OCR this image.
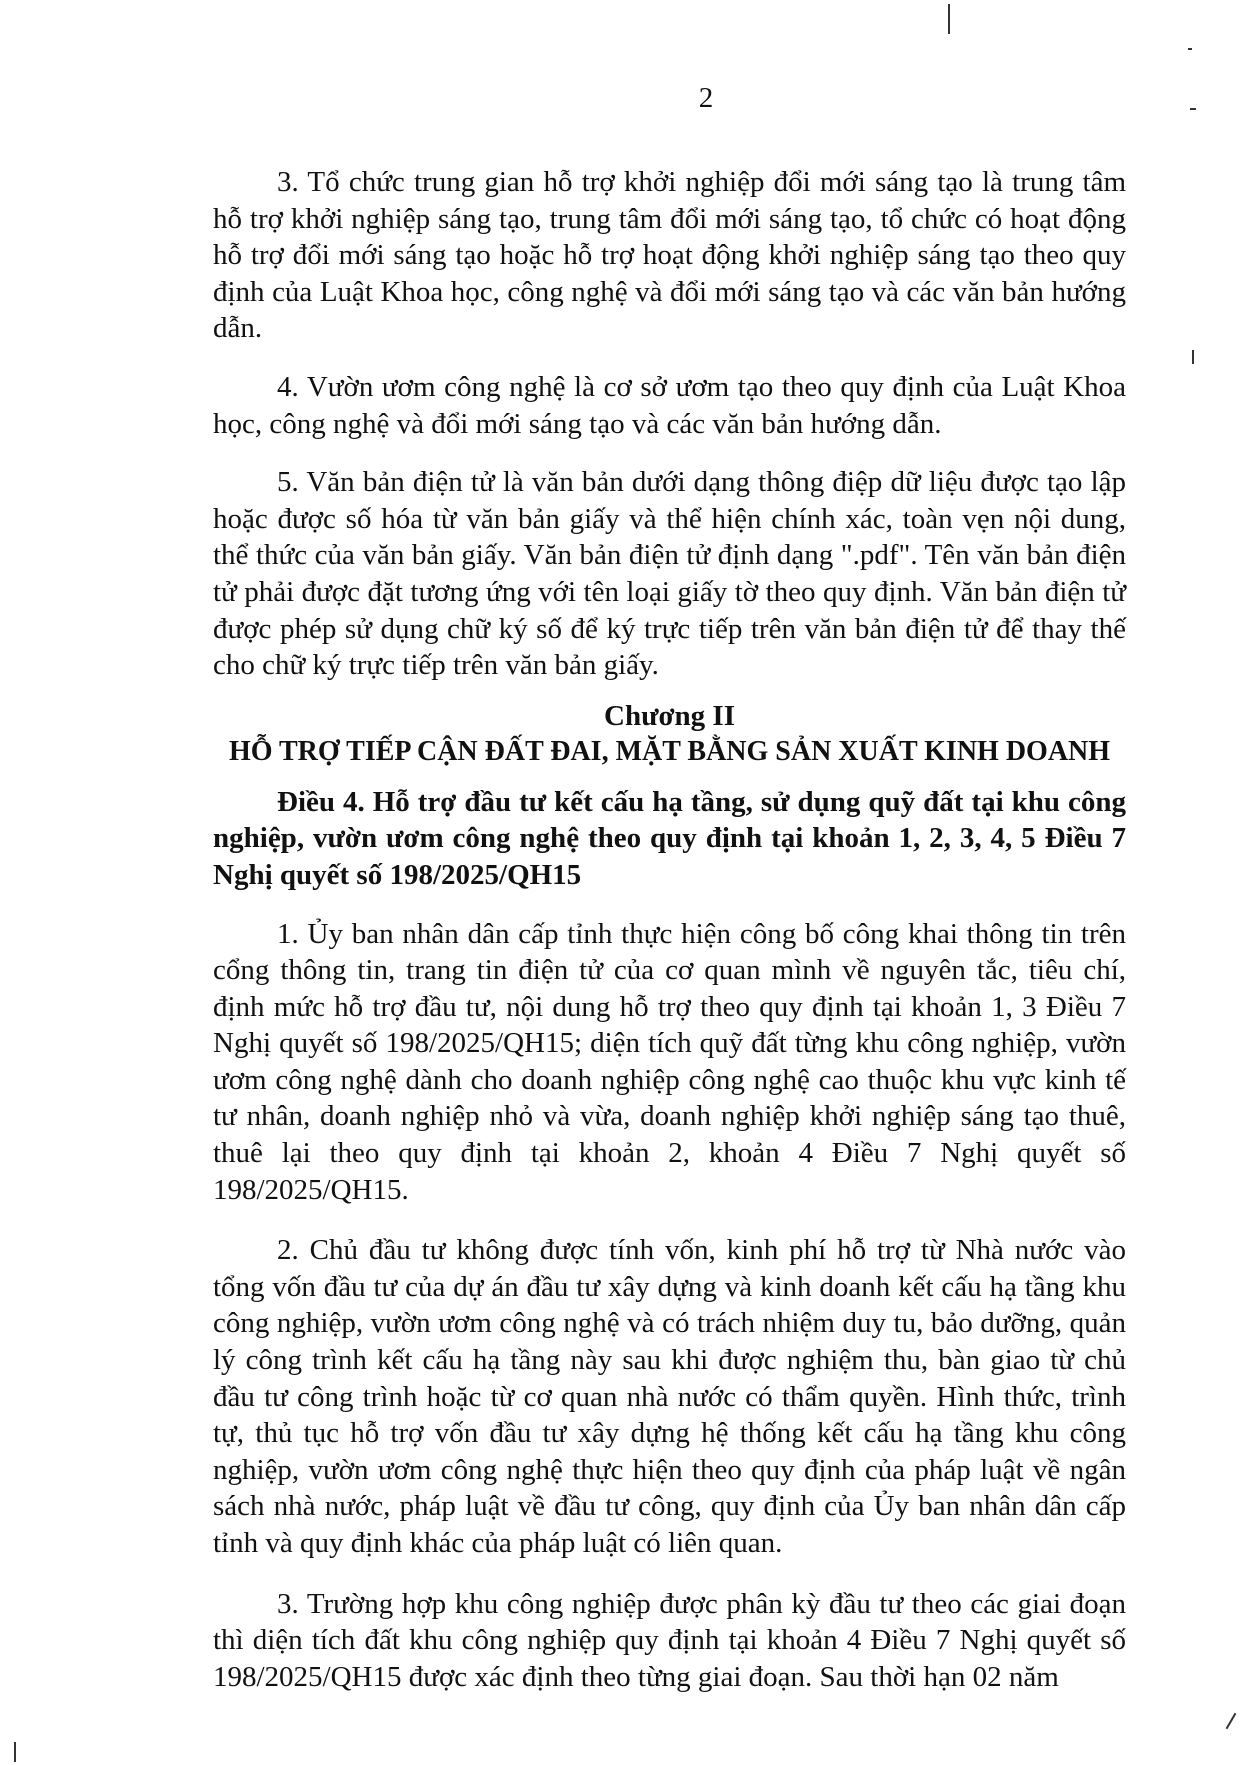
2

3. Tổ chức trung gian hỗ trợ khởi nghiệp đổi mới sáng tạo là trung tâm hỗ trợ khởi nghiệp sáng tạo, trung tâm đổi mới sáng tạo, tổ chức có hoạt động hỗ trợ đổi mới sáng tạo hoặc hỗ trợ hoạt động khởi nghiệp sáng tạo theo quy định của Luật Khoa học, công nghệ và đổi mới sáng tạo và các văn bản hướng dẫn.

4. Vườn ươm công nghệ là cơ sở ươm tạo theo quy định của Luật Khoa học, công nghệ và đổi mới sáng tạo và các văn bản hướng dẫn.

5. Văn bản điện tử là văn bản dưới dạng thông điệp dữ liệu được tạo lập hoặc được số hóa từ văn bản giấy và thể hiện chính xác, toàn vẹn nội dung, thể thức của văn bản giấy. Văn bản điện tử định dạng ".pdf". Tên văn bản điện tử phải được đặt tương ứng với tên loại giấy tờ theo quy định. Văn bản điện tử được phép sử dụng chữ ký số để ký trực tiếp trên văn bản điện tử để thay thế cho chữ ký trực tiếp trên văn bản giấy.

Chương II
HỖ TRỢ TIẾP CẬN ĐẤT ĐAI, MẶT BẰNG SẢN XUẤT KINH DOANH
Điều 4. Hỗ trợ đầu tư kết cấu hạ tầng, sử dụng quỹ đất tại khu công nghiệp, vườn ươm công nghệ theo quy định tại khoản 1, 2, 3, 4, 5 Điều 7 Nghị quyết số 198/2025/QH15

1. Ủy ban nhân dân cấp tỉnh thực hiện công bố công khai thông tin trên cổng thông tin, trang tin điện tử của cơ quan mình về nguyên tắc, tiêu chí, định mức hỗ trợ đầu tư, nội dung hỗ trợ theo quy định tại khoản 1, 3 Điều 7 Nghị quyết số 198/2025/QH15; diện tích quỹ đất từng khu công nghiệp, vườn ươm công nghệ dành cho doanh nghiệp công nghệ cao thuộc khu vực kinh tế tư nhân, doanh nghiệp nhỏ và vừa, doanh nghiệp khởi nghiệp sáng tạo thuê, thuê lại theo quy định tại khoản 2, khoản 4 Điều 7 Nghị quyết số 198/2025/QH15.

2. Chủ đầu tư không được tính vốn, kinh phí hỗ trợ từ Nhà nước vào tổng vốn đầu tư của dự án đầu tư xây dựng và kinh doanh kết cấu hạ tầng khu công nghiệp, vườn ươm công nghệ và có trách nhiệm duy tu, bảo dưỡng, quản lý công trình kết cấu hạ tầng này sau khi được nghiệm thu, bàn giao từ chủ đầu tư công trình hoặc từ cơ quan nhà nước có thẩm quyền. Hình thức, trình tự, thủ tục hỗ trợ vốn đầu tư xây dựng hệ thống kết cấu hạ tầng khu công nghiệp, vườn ươm công nghệ thực hiện theo quy định của pháp luật về ngân sách nhà nước, pháp luật về đầu tư công, quy định của Ủy ban nhân dân cấp tỉnh và quy định khác của pháp luật có liên quan.

3. Trường hợp khu công nghiệp được phân kỳ đầu tư theo các giai đoạn thì diện tích đất khu công nghiệp quy định tại khoản 4 Điều 7 Nghị quyết số 198/2025/QH15 được xác định theo từng giai đoạn. Sau thời hạn 02 năm
